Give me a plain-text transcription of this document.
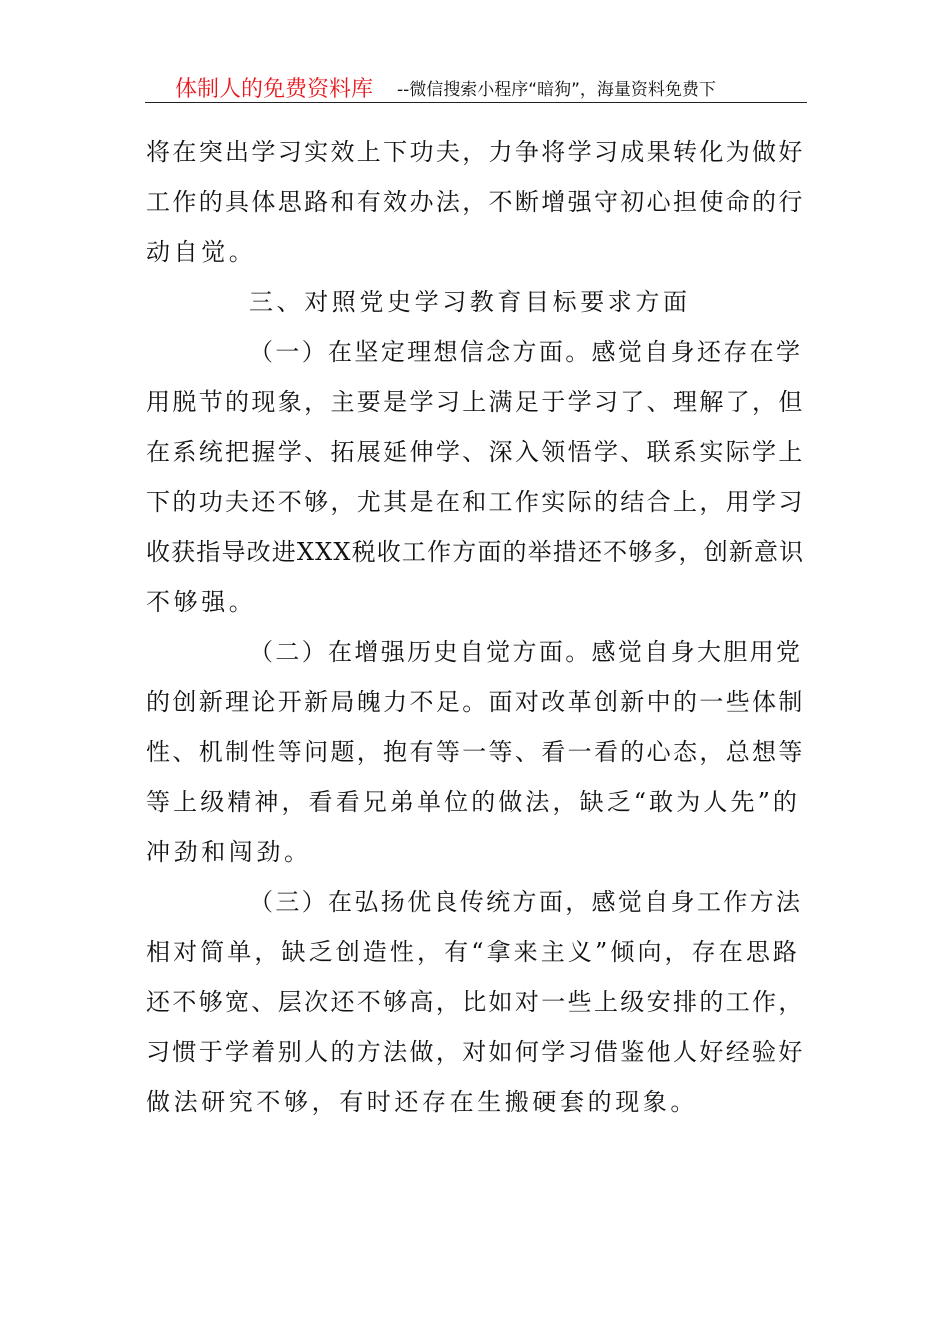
体制人的免费资料库 --微信搜索小程序“暗狗”，海量资料免费下
将在突出学习实效上下功夫，力争将学习成果转化为做好
工作的具体思路和有效办法，不断增强守初心担使命的行
动自觉。
三、对照党史学习教育目标要求方面
（一）在坚定理想信念方面。感觉自身还存在学
用脱节的现象，主要是学习上满足于学习了、理解了，但
在系统把握学、拓展延伸学、深入领悟学、联系实际学上
下的功夫还不够，尤其是在和工作实际的结合上，用学习
收获指导改进XXX税收工作方面的举措还不够多，创新意识
不够强。
（二）在增强历史自觉方面。感觉自身大胆用党
的创新理论开新局魄力不足。面对改革创新中的一些体制
性、机制性等问题，抱有等一等、看一看的心态，总想等
等上级精神，看看兄弟单位的做法，缺乏“敢为人先”的
冲劲和闯劲。
（三）在弘扬优良传统方面，感觉自身工作方法
相对简单，缺乏创造性，有“拿来主义”倾向，存在思路
还不够宽、层次还不够高，比如对一些上级安排的工作，
习惯于学着别人的方法做，对如何学习借鉴他人好经验好
做法研究不够，有时还存在生搬硬套的现象。
